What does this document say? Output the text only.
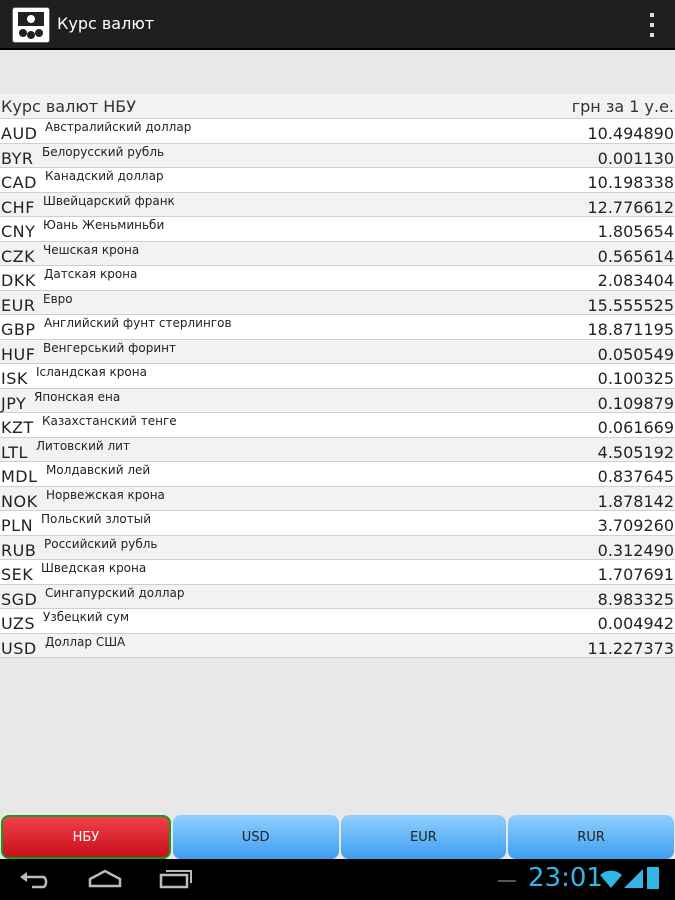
Курс валют
Курс валют НБУ	грн за 1 у.е.
AUD Австралийский доллар	10.494890
BYR Белорусский рубль	0.001130
CAD Канадский доллар	10.198338
CHF Швейцарский франк	12.776612
CNY Юань Женьминьби	1.805654
CZK Чешская крона	0.565614
DKK Датская крона	2.083404
EUR Евро	15.555525
GBP Английский фунт стерлингов	18.871195
HUF Венгерський форинт	0.050549
ISK Ісландская крона	0.100325
JPY Японская ена	0.109879
KZT Казахстанский тенге	0.061669
LTL Литовский лит	4.505192
MDL Молдавский лей	0.837645
NOK Норвежская крона	1.878142
PLN Польский злотый	3.709260
RUB Российский рубль	0.312490
SEK Шведская крона	1.707691
SGD Сингапурский доллар	8.983325
UZS Узбецкий сум	0.004942
USD Доллар США	11.227373
НБУ	USD	EUR	RUR
23:01
